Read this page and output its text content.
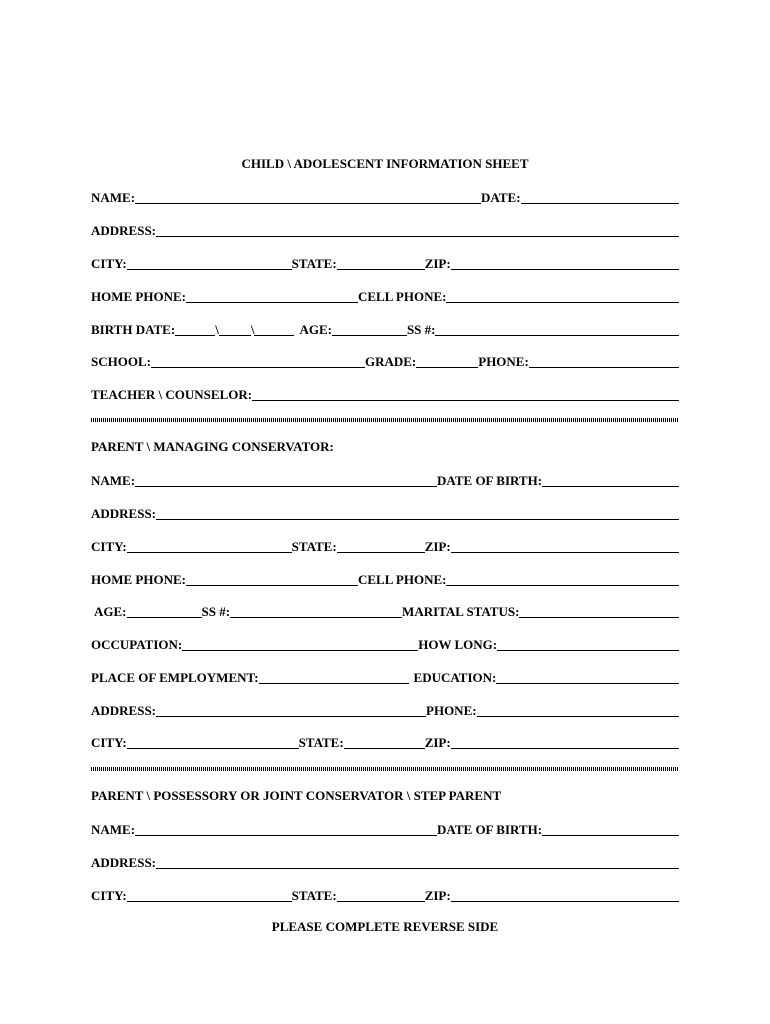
CHILD \ ADOLESCENT INFORMATION SHEET
NAME:	DATE:
ADDRESS:
CITY:	STATE:	ZIP:
HOME PHONE:	CELL PHONE:
BIRTH DATE:	\ \	AGE:	SS #:
SCHOOL:	GRADE:	PHONE:
TEACHER \ COUNSELOR:
PARENT \ MANAGING CONSERVATOR:
NAME:	DATE OF BIRTH:
ADDRESS:
CITY:	STATE:	ZIP:
HOME PHONE:	CELL PHONE:
AGE:	SS #:	MARITAL STATUS:
OCCUPATION:	HOW LONG:
PLACE OF EMPLOYMENT:	EDUCATION:
ADDRESS:	PHONE:
CITY:	STATE:	ZIP:
PARENT \ POSSESSORY OR JOINT CONSERVATOR \ STEP PARENT
NAME:	DATE OF BIRTH:
ADDRESS:
CITY:	STATE:	ZIP:
PLEASE COMPLETE REVERSE SIDE
